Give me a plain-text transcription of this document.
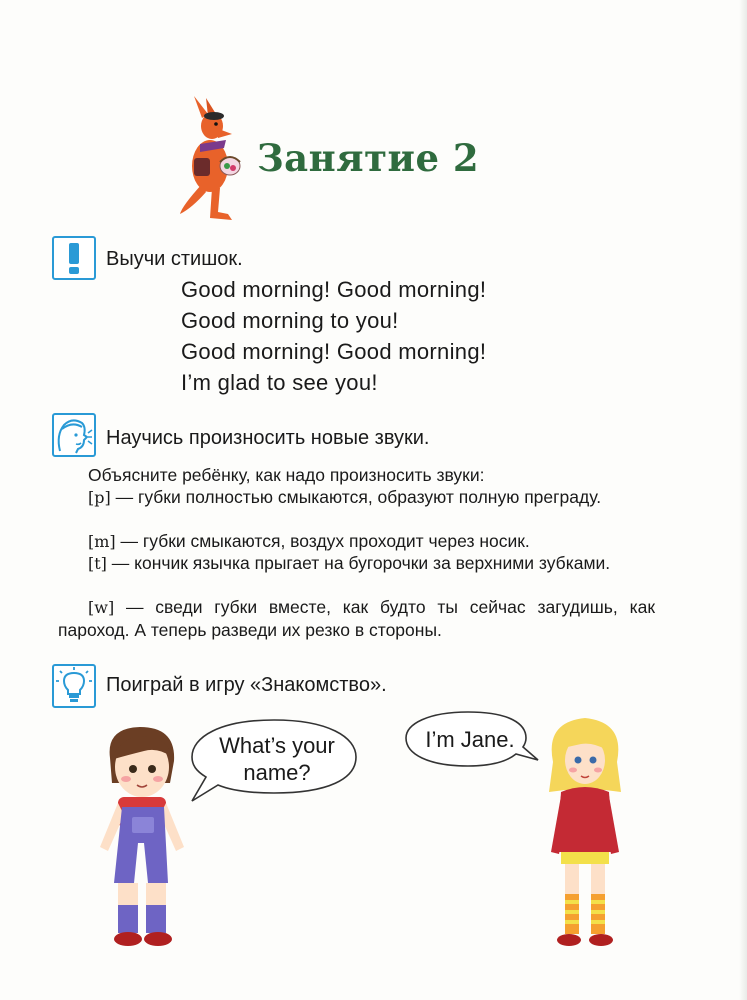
Занятие 2
Выучи стишок.
Good morning! Good morning!
Good morning to you!
Good morning! Good morning!
I’m glad to see you!
Научись произносить новые звуки.
Объясните ребёнку, как надо произносить звуки:
[p] — губки полностью смыкаются, образуют полную преграду.
[m] — губки смыкаются, воздух проходит через носик.
[t] — кончик язычка прыгает на бугорочки за верхними зубками.
[w] — сведи губки вместе, как будто ты сейчас загудишь, как пароход. А теперь разведи их резко в стороны.
Поиграй в игру «Знакомство».
What’s your
name?
I’m Jane.
